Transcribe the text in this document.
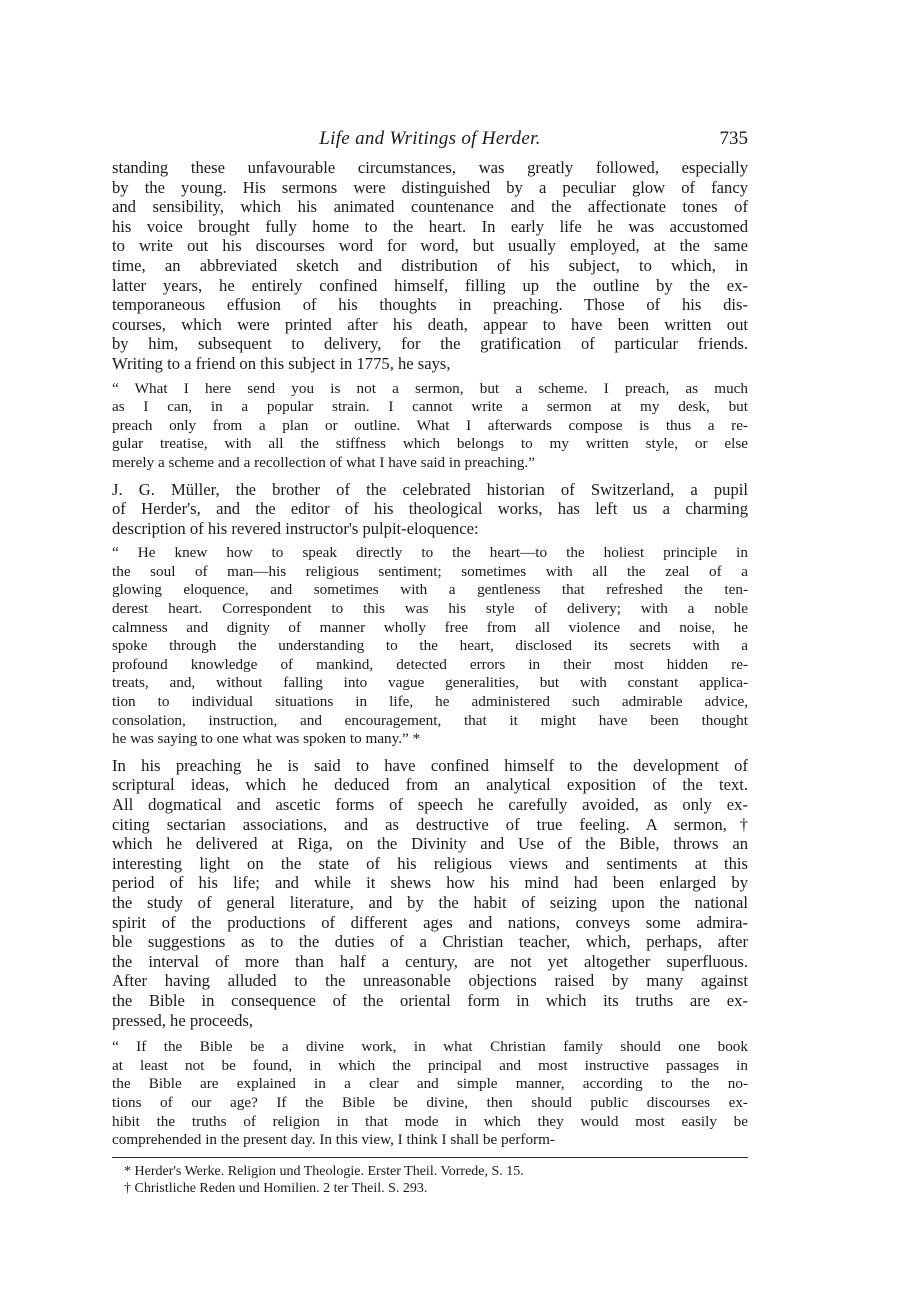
Life and Writings of Herder.	735
standing these unfavourable circumstances, was greatly followed, especially
by the young. His sermons were distinguished by a peculiar glow of fancy
and sensibility, which his animated countenance and the affectionate tones of
his voice brought fully home to the heart. In early life he was accustomed
to write out his discourses word for word, but usually employed, at the same
time, an abbreviated sketch and distribution of his subject, to which, in
latter years, he entirely confined himself, filling up the outline by the ex-
temporaneous effusion of his thoughts in preaching. Those of his dis-
courses, which were printed after his death, appear to have been written out
by him, subsequent to delivery, for the gratification of particular friends.
Writing to a friend on this subject in 1775, he says,
“ What I here send you is not a sermon, but a scheme. I preach, as much
as I can, in a popular strain. I cannot write a sermon at my desk, but
preach only from a plan or outline. What I afterwards compose is thus a re-
gular treatise, with all the stiffness which belongs to my written style, or else
merely a scheme and a recollection of what I have said in preaching.”
J. G. Müller, the brother of the celebrated historian of Switzerland, a pupil
of Herder's, and the editor of his theological works, has left us a charming
description of his revered instructor's pulpit-eloquence:
“ He knew how to speak directly to the heart—to the holiest principle in
the soul of man—his religious sentiment; sometimes with all the zeal of a
glowing eloquence, and sometimes with a gentleness that refreshed the ten-
derest heart. Correspondent to this was his style of delivery; with a noble
calmness and dignity of manner wholly free from all violence and noise, he
spoke through the understanding to the heart, disclosed its secrets with a
profound knowledge of mankind, detected errors in their most hidden re-
treats, and, without falling into vague generalities, but with constant applica-
tion to individual situations in life, he administered such admirable advice,
consolation, instruction, and encouragement, that it might have been thought
he was saying to one what was spoken to many.” *
In his preaching he is said to have confined himself to the development of
scriptural ideas, which he deduced from an analytical exposition of the text.
All dogmatical and ascetic forms of speech he carefully avoided, as only ex-
citing sectarian associations, and as destructive of true feeling. A sermon,†
which he delivered at Riga, on the Divinity and Use of the Bible, throws an
interesting light on the state of his religious views and sentiments at this
period of his life; and while it shews how his mind had been enlarged by
the study of general literature, and by the habit of seizing upon the national
spirit of the productions of different ages and nations, conveys some admira-
ble suggestions as to the duties of a Christian teacher, which, perhaps, after
the interval of more than half a century, are not yet altogether superfluous.
After having alluded to the unreasonable objections raised by many against
the Bible in consequence of the oriental form in which its truths are ex-
pressed, he proceeds,
“ If the Bible be a divine work, in what Christian family should one book
at least not be found, in which the principal and most instructive passages in
the Bible are explained in a clear and simple manner, according to the no-
tions of our age? If the Bible be divine, then should public discourses ex-
hibit the truths of religion in that mode in which they would most easily be
comprehended in the present day. In this view, I think I shall be perform-
* Herder's Werke. Religion und Theologie. Erster Theil. Vorrede, S. 15.
† Christliche Reden und Homilien. 2 ter Theil. S. 293.
